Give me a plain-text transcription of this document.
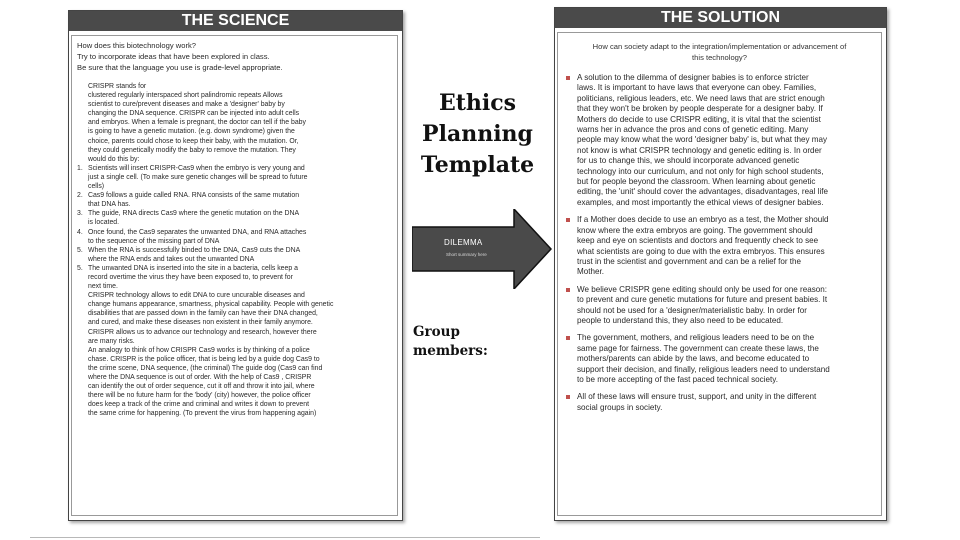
THE SCIENCE
How does this biotechnology work?
Try to incorporate ideas that have been explored in class.
Be sure that the language you use is grade-level appropriate.
CRISPR stands for
clustered regularly interspaced short palindromic repeats Allows
scientist to cure/prevent diseases and make a 'designer' baby by
changing the DNA sequence. CRISPR can be injected into adult cells
and embryos. When a female is pregnant, the doctor can tell if the baby
is going to have a genetic mutation. (e.g. down syndrome) given the
choice, parents could chose to keep their baby, with the mutation. Or,
they could genetically modify the baby to remove the mutation. They
would do this by:
1. Scientists will insert CRISPR-Cas9 when the embryo is very young and
just a single cell. (To make sure genetic changes will be spread to future
cells)
2. Cas9 follows a guide called RNA. RNA consists of the same mutation
that DNA has.
3. The guide, RNA directs Cas9 where the genetic mutation on the DNA
is located.
4. Once found, the Cas9 separates the unwanted DNA, and RNA attaches
to the sequence of the missing part of DNA
5. When the RNA is successfully binded to the DNA, Cas9 cuts the DNA
where the RNA ends and takes out the unwanted DNA
5. The unwanted DNA is inserted into the site in a bacteria, cells keep a
record overtime the virus they have been exposed to, to prevent for
next time.
CRISPR technology allows to edit DNA to cure uncurable diseases and
change humans appearance, smartness, physical capability. People with genetic
disabilities that are passed down in the family can have their DNA changed,
and cured, and make these diseases non existent in their family anymore.
CRISPR allows us to advance our technology and research, however there
are many risks.
An analogy to think of how CRISPR Cas9 works is by thinking of a police
chase. CRISPR is the police officer, that is being led by a guide dog Cas9 to
the crime scene, DNA sequence, (the criminal) The guide dog (Cas9 can find
where the DNA sequence is out of order. With the help of Cas9 , CRISPR
can identify the out of order sequence, cut it off and throw it into jail, where
there will be no future harm for the 'body' (city) however, the police officer
does keep a track of the crime and criminal and writes it down to prevent
the same crime for happening. (To prevent the virus from happening again)
Ethics
Planning
Template
DILEMMA
Short summary here
Group
members:
THE SOLUTION
How can society adapt to the integration/implementation or advancement of
this technology?
A solution to the dilemma of designer babies is to enforce stricter
laws. It is important to have laws that everyone can obey. Families,
politicians, religious leaders, etc. We need laws that are strict enough
that they won't be broken by people desperate for a designer baby. If
Mothers do decide to use CRISPR editing, it is vital that the scientist
warns her in advance the pros and cons of genetic editing. Many
people may know what the word 'designer baby' is, but what they may
not know is what CRISPR technology and genetic editing is. In order
for us to change this, we should incorporate advanced genetic
technology into our curriculum, and not only for high school students,
but for people beyond the classroom. When learning about genetic
editing, the 'unit' should cover the advantages, disadvantages, real life
examples, and most importantly the ethical views of designer babies.
If a Mother does decide to use an embryo as a test, the Mother should
know where the extra embryos are going. The government should
keep and eye on scientists and doctors and frequently check to see
what scientists are going to due with the extra embryos. This ensures
trust in the scientist and government and can be a relief for the
Mother.
We believe CRISPR gene editing should only be used for one reason:
to prevent and cure genetic mutations for future and present babies. It
should not be used for a 'designer/materialistic baby. In order for
people to understand this, they also need to be educated.
The government, mothers, and religious leaders need to be on the
same page for fairness. The government can create these laws, the
mothers/parents can abide by the laws, and become educated to
support their decision, and finally, religious leaders need to understand
to be more accepting of the fast paced technical society.
All of these laws will ensure trust, support, and unity in the different
social groups in society.
